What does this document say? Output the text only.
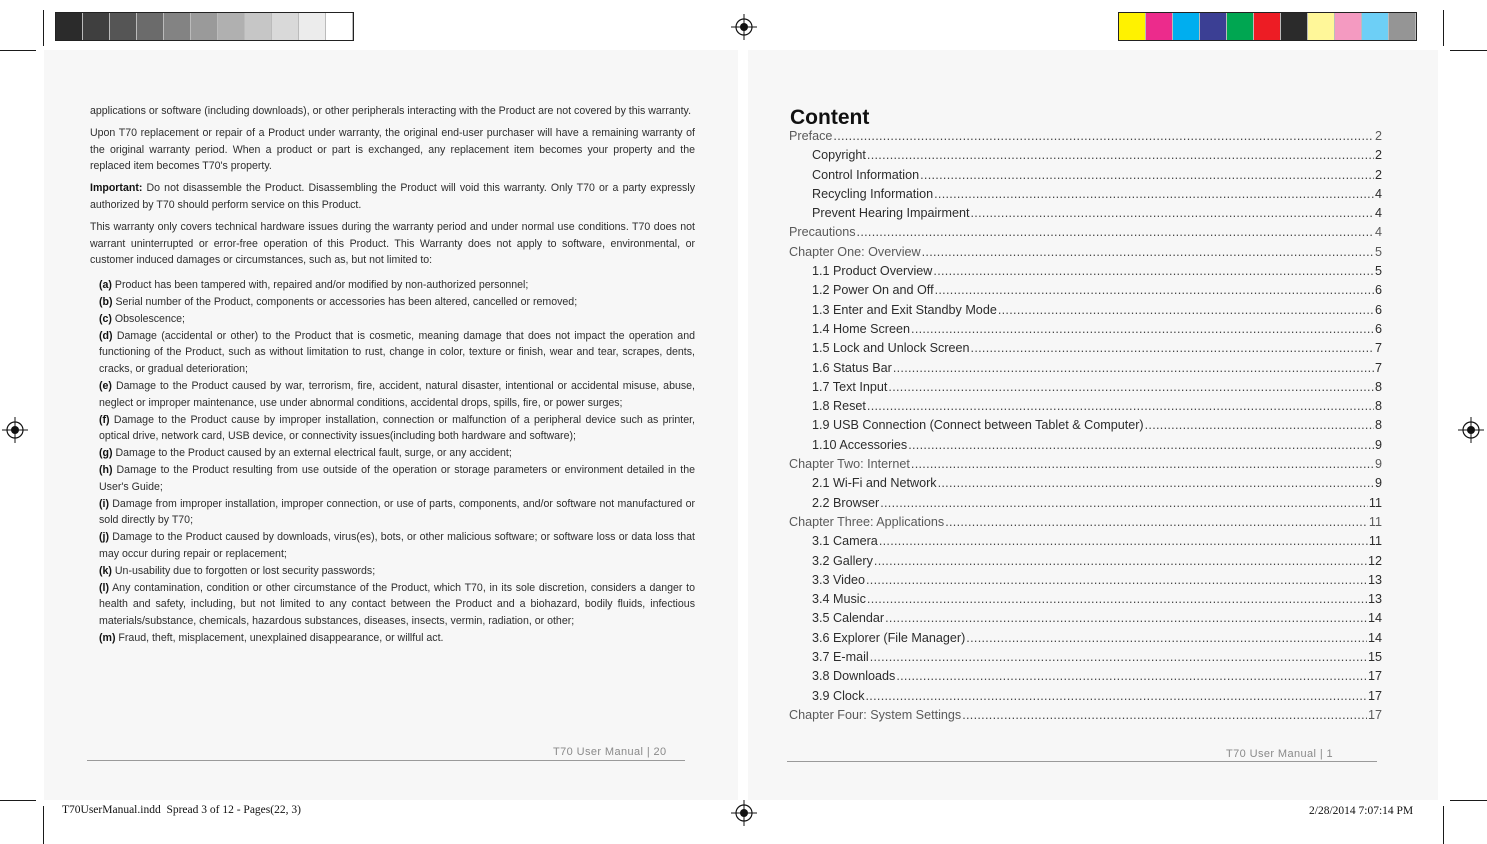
applications or software (including downloads), or other peripherals interacting with the Product are not covered by this warranty.

Upon T70 replacement or repair of a Product under warranty, the original end-user purchaser will have a remaining warranty of the original warranty period. When a product or part is exchanged, any replacement item becomes your property and the replaced item becomes T70's property.

Important: Do not disassemble the Product. Disassembling the Product will void this warranty. Only T70 or a party expressly authorized by T70 should perform service on this Product.

This warranty only covers technical hardware issues during the warranty period and under normal use conditions. T70 does not warrant uninterrupted or error-free operation of this Product. This Warranty does not apply to software, environmental, or customer induced damages or circumstances, such as, but not limited to:

(a) Product has been tampered with, repaired and/or modified by non-authorized personnel;

(b) Serial number of the Product, components or accessories has been altered, cancelled or removed;

(c) Obsolescence;

(d) Damage (accidental or other) to the Product that is cosmetic, meaning damage that does not impact the operation and functioning of the Product, such as without limitation to rust, change in color, texture or finish, wear and tear, scrapes, dents, cracks, or gradual deterioration;

(e) Damage to the Product caused by war, terrorism, fire, accident, natural disaster, intentional or accidental misuse, abuse, neglect or improper maintenance, use under abnormal conditions, accidental drops, spills, fire, or power surges;

(f) Damage to the Product cause by improper installation, connection or malfunction of a peripheral device such as printer, optical drive, network card, USB device, or connectivity issues(including both hardware and software);

(g) Damage to the Product caused by an external electrical fault, surge, or any accident;

(h) Damage to the Product resulting from use outside of the operation or storage parameters or environment detailed in the User's Guide;

(i) Damage from improper installation, improper connection, or use of parts, components, and/or software not manufactured or sold directly by T70;

(j) Damage to the Product caused by downloads, virus(es), bots, or other malicious software; or software loss or data loss that may occur during repair or replacement;

(k) Un-usability due to forgotten or lost security passwords;

(l) Any contamination, condition or other circumstance of the Product, which T70, in its sole discretion, considers a danger to health and safety, including, but not limited to any contact between the Product and a biohazard, bodily fluids, infectious materials/substance, chemicals, hazardous substances, diseases, insects, vermin, radiation, or other;

(m) Fraud, theft, misplacement, unexplained disappearance, or willful act.

T70 User Manual | 20
Content
Preface .....	2
Copyright .....	2
Control Information .....	2
Recycling Information .....	4
Prevent Hearing Impairment .....	4
Precautions .....	4
Chapter One: Overview .....	5
1.1 Product Overview .....	5
1.2 Power On and Off .....	6
1.3 Enter and Exit Standby Mode .....	6
1.4 Home Screen .....	6
1.5 Lock and Unlock Screen .....	7
1.6 Status Bar .....	7
1.7 Text Input .....	8
1.8 Reset .....	8
1.9 USB Connection (Connect between Tablet & Computer) .....	8
1.10 Accessories .....	9
Chapter Two: Internet .....	9
2.1 Wi-Fi and Network .....	9
2.2 Browser .....	11
Chapter Three: Applications .....	11
3.1 Camera .....	11
3.2 Gallery .....	12
3.3 Video .....	13
3.4 Music .....	13
3.5 Calendar .....	14
3.6 Explorer (File Manager) .....	14
3.7 E-mail .....	15
3.8 Downloads .....	17
3.9 Clock .....	17
Chapter Four: System Settings .....	17
T70 User Manual | 1
T70UserManual.indd Spread 3 of 12 - Pages(22, 3)	2/28/2014 7:07:14 PM
